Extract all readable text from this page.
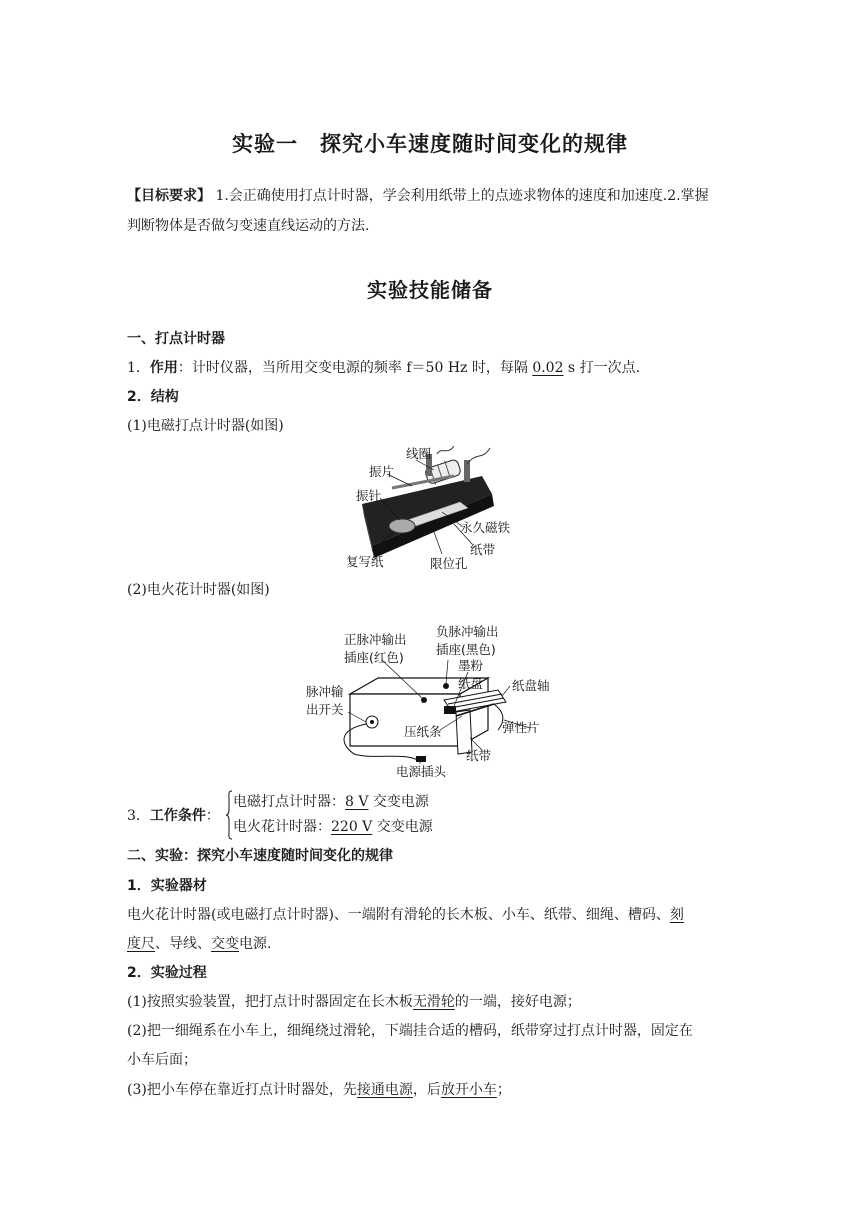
实验一　探究小车速度随时间变化的规律
【目标要求】 1.会正确使用打点计时器，学会利用纸带上的点迹求物体的速度和加速度.2.掌握
判断物体是否做匀变速直线运动的方法.
实验技能储备
一、打点计时器
1．作用：计时仪器，当所用交变电源的频率 f＝50 Hz 时，每隔 0.02 s 打一次点.
2．结构
(1)电磁打点计时器(如图)
线圈
振片
振针
永久磁铁
纸带
复写纸	限位孔
(2)电火花计时器(如图)
正脉冲输出
插座(红色)
负脉冲输出
插座(黑色)
墨粉
纸盘 纸盘轴
脉冲输
出开关
弹性片
压纸条
纸带
电源插头
3．工作条件：
电磁打点计时器：8 V 交变电源
电火花计时器：220 V 交变电源
二、实验：探究小车速度随时间变化的规律
1．实验器材
电火花计时器(或电磁打点计时器)、一端附有滑轮的长木板、小车、纸带、细绳、槽码、刻
度尺、导线、交变电源.
2．实验过程
(1)按照实验装置，把打点计时器固定在长木板无滑轮的一端，接好电源；
(2)把一细绳系在小车上，细绳绕过滑轮，下端挂合适的槽码，纸带穿过打点计时器，固定在
小车后面；
(3)把小车停在靠近打点计时器处，先接通电源，后放开小车；
